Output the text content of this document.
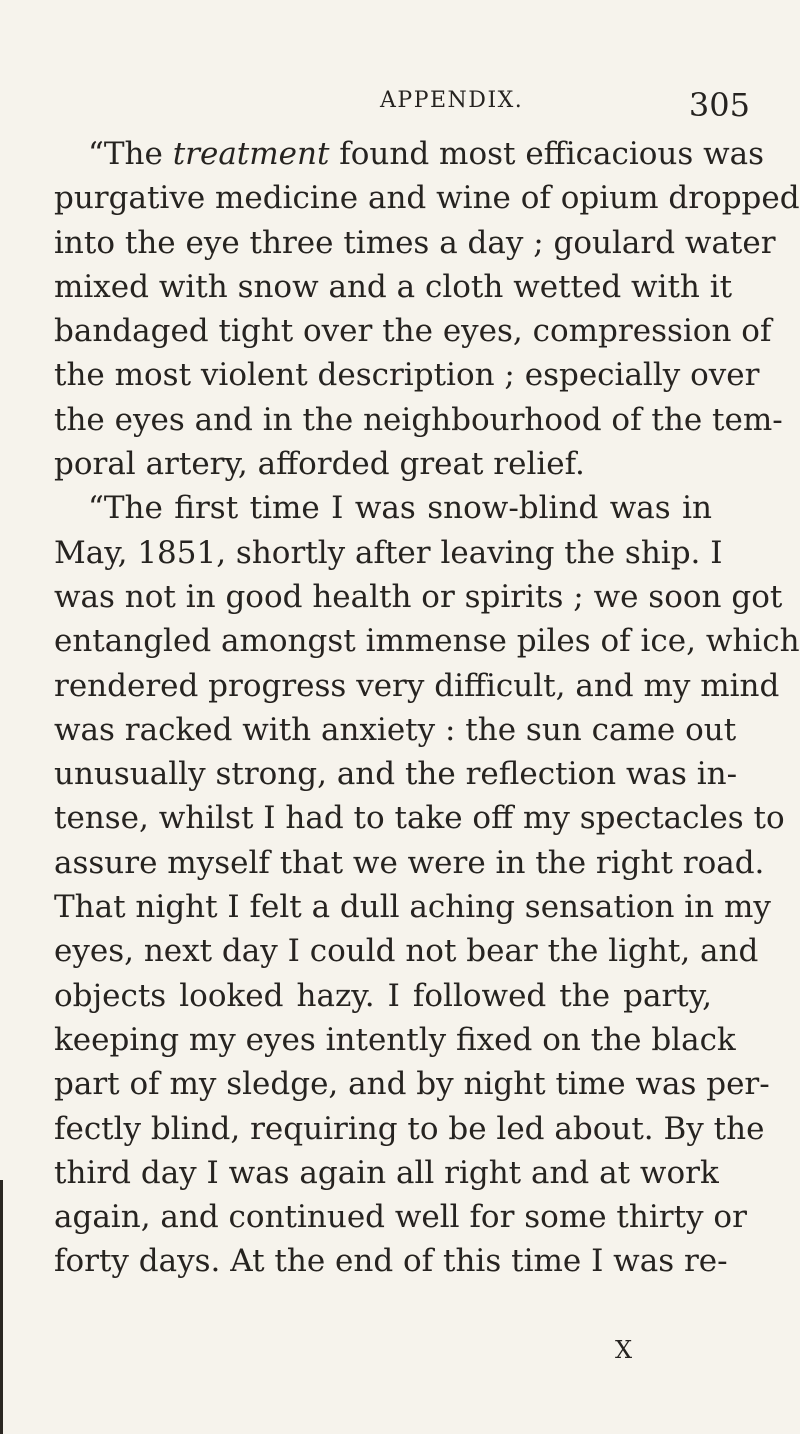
APPENDIX.	305
“The treatment found most efficacious was
purgative medicine and wine of opium dropped
into the eye three times a day ; goulard water
mixed with snow and a cloth wetted with it
bandaged tight over the eyes, compression of
the most violent description ; especially over
the eyes and in the neighbourhood of the tem-
poral artery, afforded great relief.
“The first time I was snow-blind was in
May, 1851, shortly after leaving the ship. I
was not in good health or spirits ; we soon got
entangled amongst immense piles of ice, which
rendered progress very difficult, and my mind
was racked with anxiety : the sun came out
unusually strong, and the reflection was in-
tense, whilst I had to take off my spectacles to
assure myself that we were in the right road.
That night I felt a dull aching sensation in my
eyes, next day I could not bear the light, and
objects looked hazy. I followed the party,
keeping my eyes intently fixed on the black
part of my sledge, and by night time was per-
fectly blind, requiring to be led about. By the
third day I was again all right and at work
again, and continued well for some thirty or
forty days. At the end of this time I was re-
X
